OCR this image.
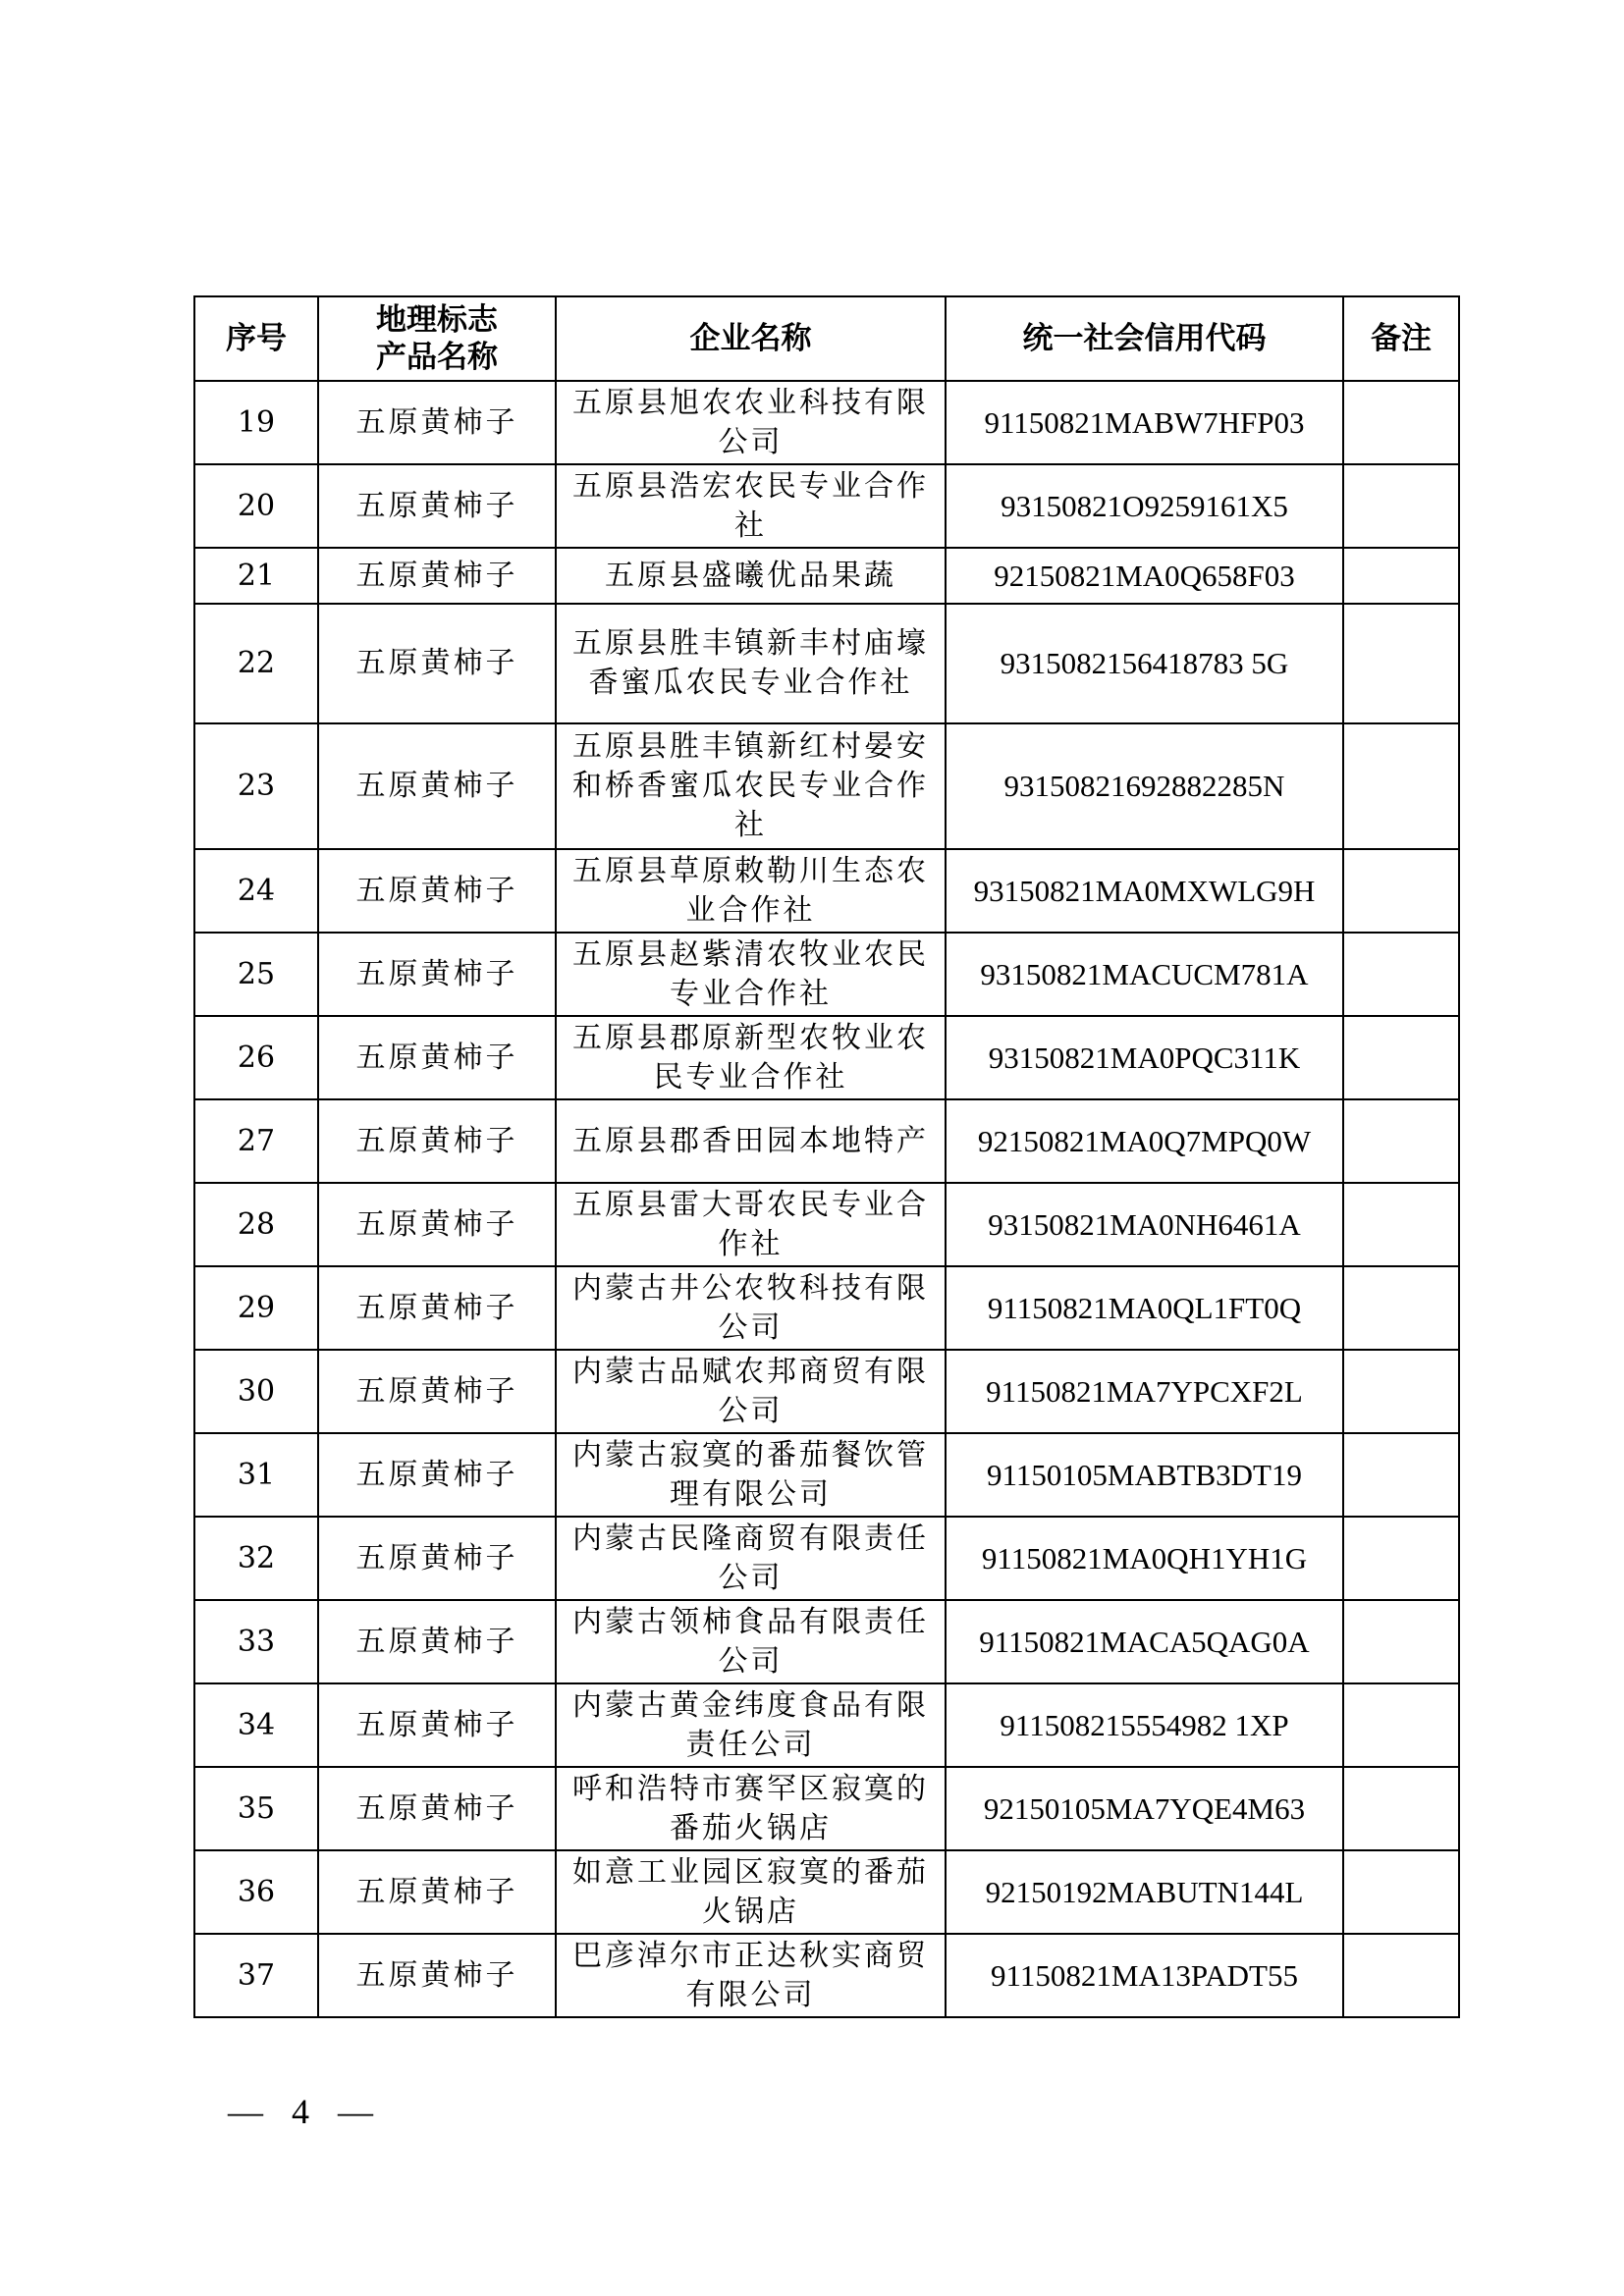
序号	地理标志产品名称	企业名称	统一社会信用代码	备注
19	五原黄柿子	五原县旭农农业科技有限公司	91150821MABW7HFP03	
20	五原黄柿子	五原县浩宏农民专业合作社	93150821O9259161X5	
21	五原黄柿子	五原县盛曦优品果蔬	92150821MA0Q658F03	
22	五原黄柿子	五原县胜丰镇新丰村庙壕香蜜瓜农民专业合作社	9315082156418783 5G	
23	五原黄柿子	五原县胜丰镇新红村晏安和桥香蜜瓜农民专业合作社	93150821692882285N	
24	五原黄柿子	五原县草原敕勒川生态农业合作社	93150821MA0MXWLG9H	
25	五原黄柿子	五原县赵紫清农牧业农民专业合作社	93150821MACUCM781A	
26	五原黄柿子	五原县郡原新型农牧业农民专业合作社	93150821MA0PQC311K	
27	五原黄柿子	五原县郡香田园本地特产	92150821MA0Q7MPQ0W	
28	五原黄柿子	五原县雷大哥农民专业合作社	93150821MA0NH6461A	
29	五原黄柿子	内蒙古井公农牧科技有限公司	91150821MA0QL1FT0Q	
30	五原黄柿子	内蒙古品赋农邦商贸有限公司	91150821MA7YPCXF2L	
31	五原黄柿子	内蒙古寂寞的番茄餐饮管理有限公司	91150105MABTB3DT19	
32	五原黄柿子	内蒙古民隆商贸有限责任公司	91150821MA0QH1YH1G	
33	五原黄柿子	内蒙古领柿食品有限责任公司	91150821MACA5QAG0A	
34	五原黄柿子	内蒙古黄金纬度食品有限责任公司	911508215554982 1XP	
35	五原黄柿子	呼和浩特市赛罕区寂寞的番茄火锅店	92150105MA7YQE4M63	
36	五原黄柿子	如意工业园区寂寞的番茄火锅店	92150192MABUTN144L	
37	五原黄柿子	巴彦淖尔市正达秋实商贸有限公司	91150821MA13PADT55	
— 4 —
